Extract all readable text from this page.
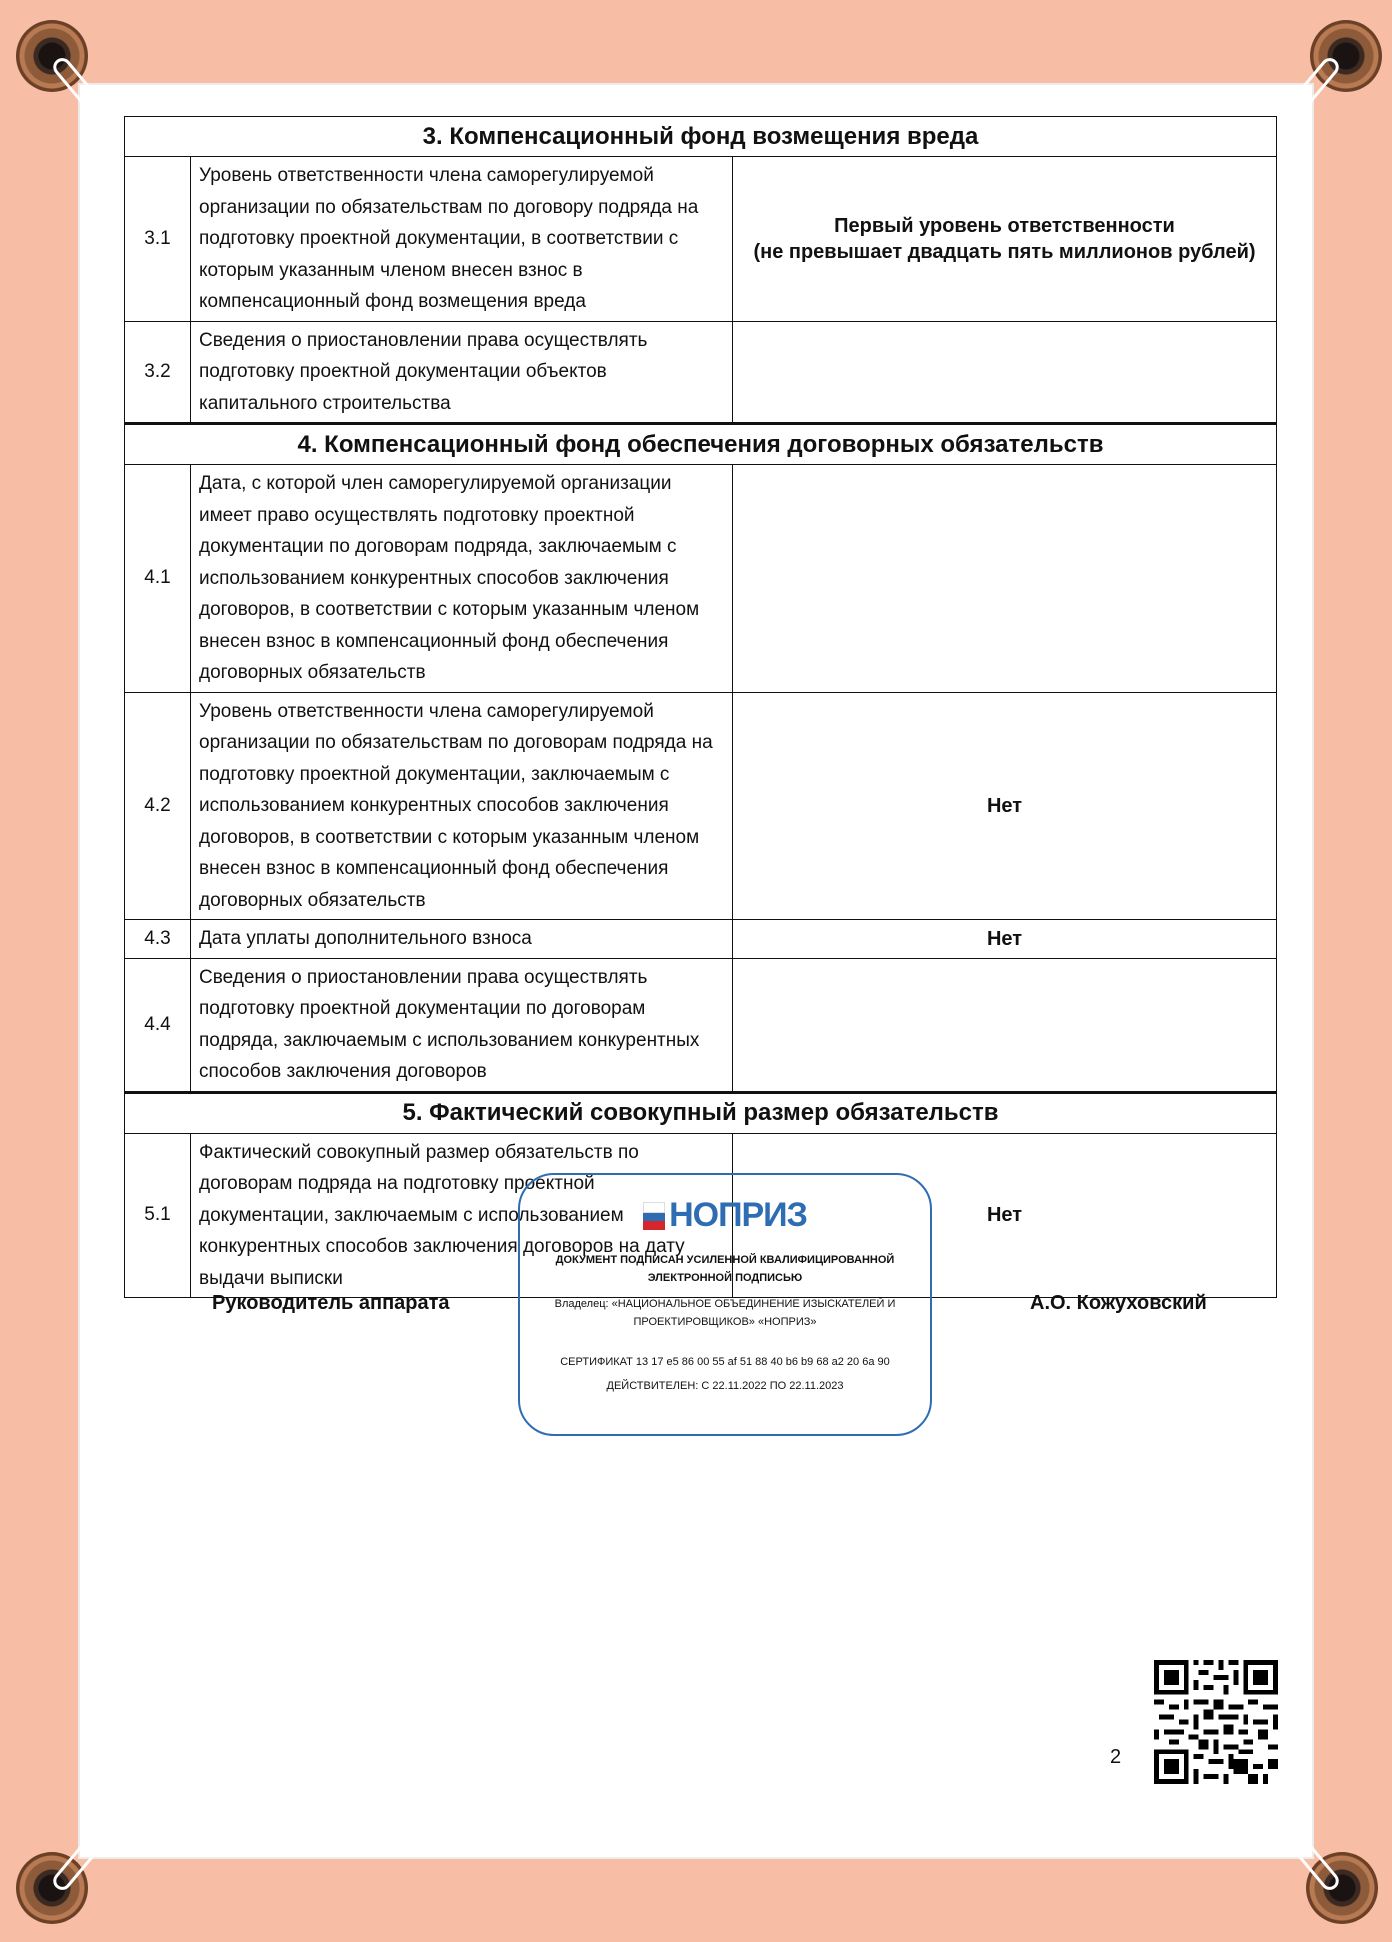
3. Компенсационный фонд возмещения вреда		
3.1	Уровень ответственности члена саморегулируемой организации по обязательствам по договору подряда на подготовку проектной документации, в соответствии с которым указанным членом внесен взнос в компенсационный фонд возмещения вреда	Первый уровень ответственности
(не превышает двадцать пять миллионов рублей)

3.2	Сведения о приостановлении права осуществлять подготовку проектной документации объектов капитального строительства	
4. Компенсационный фонд обеспечения договорных обязательств		
4.1	Дата, с которой член саморегулируемой организации имеет право осуществлять подготовку проектной документации по договорам подряда, заключаемым с использованием конкурентных способов заключения договоров, в соответствии с которым указанным членом внесен взнос в компенсационный фонд обеспечения договорных обязательств	
4.2	Уровень ответственности члена саморегулируемой организации по обязательствам по договорам подряда на подготовку проектной документации, заключаемым с использованием конкурентных способов заключения договоров, в соответствии с которым указанным членом внесен взнос в компенсационный фонд обеспечения договорных обязательств	Нет
4.3	Дата уплаты дополнительного взноса	Нет
4.4	Сведения о приостановлении права осуществлять подготовку проектной документации по договорам подряда, заключаемым с использованием конкурентных способов заключения договоров	
5. Фактический совокупный размер обязательств		
5.1	Фактический совокупный размер обязательств по договорам подряда на подготовку проектной документации, заключаемым с использованием конкурентных способов заключения договоров на дату выдачи выписки	Нет
Руководитель аппарата	А.О. Кожуховский
НОПРИЗ
ДОКУМЕНТ ПОДПИСАН УСИЛЕННОЙ КВАЛИФИЦИРОВАННОЙ
ЭЛЕКТРОННОЙ ПОДПИСЬЮ
Владелец: «НАЦИОНАЛЬНОЕ ОБЪЕДИНЕНИЕ ИЗЫСКАТЕЛЕЙ И
ПРОЕКТИРОВЩИКОВ» «НОПРИЗ»
СЕРТИФИКАТ 13 17 e5 86 00 55 af 51 88 40 b6 b9 68 a2 20 6a 90
ДЕЙСТВИТЕЛЕН: С 22.11.2022 ПО 22.11.2023
2
